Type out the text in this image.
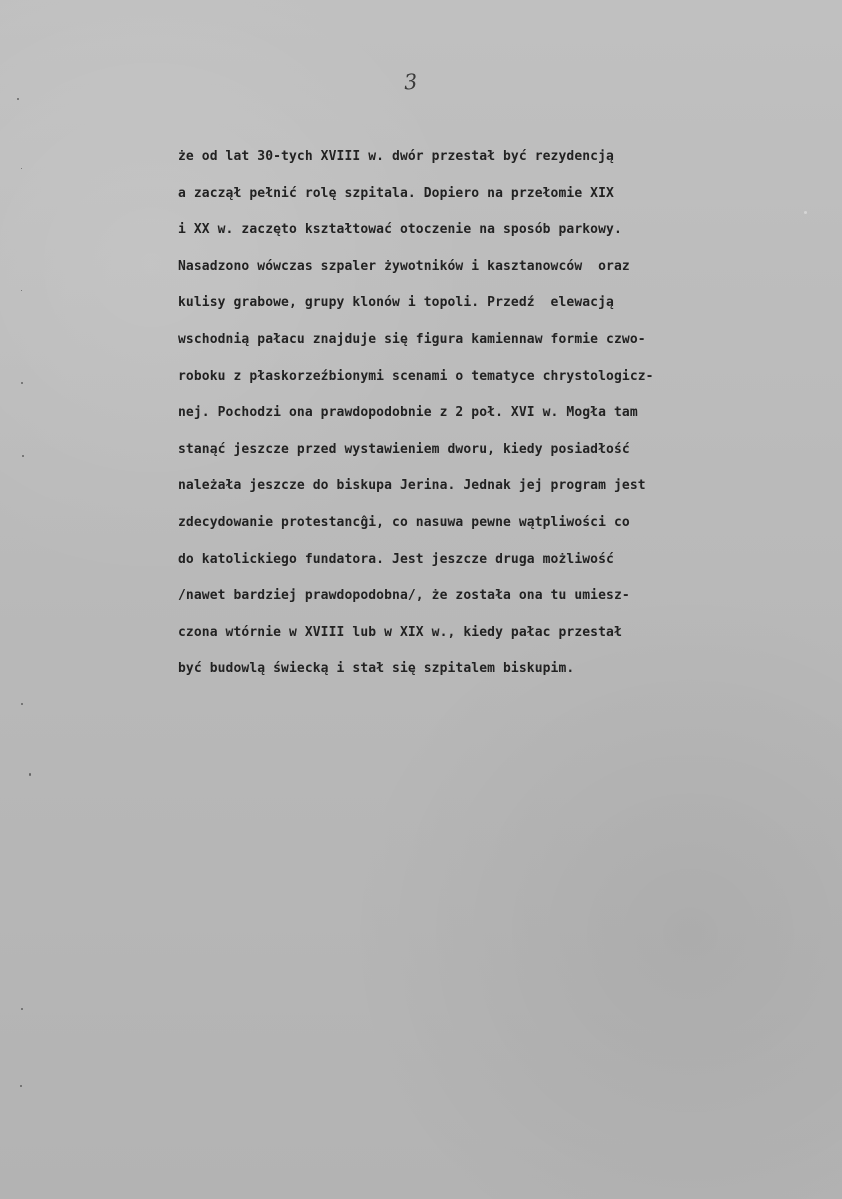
3
że od lat 30-tych XVIII w. dwór przestał być rezydencją
a zaczął pełnić rolę szpitala. Dopiero na przełomie XIX
i XX w. zaczęto kształtować otoczenie na sposób parkowy.
Nasadzono wówczas szpaler żywotników i kasztanowców  oraz
kulisy grabowe, grupy klonów i topoli. Przedź  elewacją
wschodnią pałacu znajduje się figura kamiennaw formie czwo-
roboku z płaskorzeźbionymi scenami o tematyce chrystologicz-
nej. Pochodzi ona prawdopodobnie z 2 poł. XVI w. Mogła tam
stanąć jeszcze przed wystawieniem dworu, kiedy posiadłość
należała jeszcze do biskupa Jerina. Jednak jej program jest
zdecydowanie protestancĝi, co nasuwa pewne wątpliwości co
do katolickiego fundatora. Jest jeszcze druga możliwość
/nawet bardziej prawdopodobna/, że została ona tu umiesz-
czona wtórnie w XVIII lub w XIX w., kiedy pałac przestał
być budowlą świecką i stał się szpitalem biskupim.
